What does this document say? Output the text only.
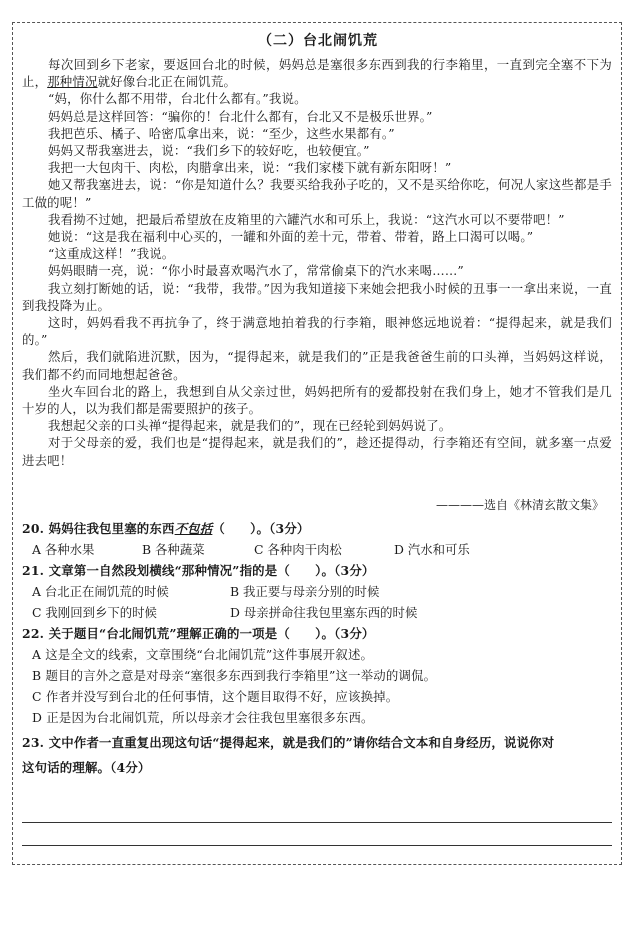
（二）台北闹饥荒

每次回到乡下老家，要返回台北的时候，妈妈总是塞很多东西到我的行李箱里，一直到完全塞不下为止，那种情况就好像台北正在闹饥荒。

“妈，你什么都不用带，台北什么都有。”我说。

妈妈总是这样回答：“骗你的！台北什么都有，台北又不是极乐世界。”

我把芭乐、橘子、哈密瓜拿出来，说：“至少，这些水果都有。”

妈妈又帮我塞进去，说：“我们乡下的较好吃，也较便宜。”

我把一大包肉干、肉松，肉腊拿出来，说：“我们家楼下就有新东阳呀！”

她又帮我塞进去，说：“你是知道什么？我要买给我孙子吃的，又不是买给你吃，何况人家这些都是手工做的呢！”

我看拗不过她，把最后希望放在皮箱里的六罐汽水和可乐上，我说：“这汽水可以不要带吧！”

她说：“这是我在福利中心买的，一罐和外面的差十元，带着、带着，路上口渴可以喝。”

“这重成这样！”我说。

妈妈眼睛一亮，说：“你小时最喜欢喝汽水了，常常偷桌下的汽水来喝……”

我立刻打断她的话，说：“我带，我带。”因为我知道接下来她会把我小时候的丑事一一拿出来说，一直到我投降为止。

这时，妈妈看我不再抗争了，终于满意地拍着我的行李箱，眼神悠远地说着：“提得起来，就是我们的。”

然后，我们就陷进沉默，因为，“提得起来，就是我们的”正是我爸爸生前的口头禅，当妈妈这样说，我们都不约而同地想起爸爸。

坐火车回台北的路上，我想到自从父亲过世，妈妈把所有的爱都投射在我们身上，她才不管我们是几十岁的人，以为我们都是需要照护的孩子。

我想起父亲的口头禅“提得起来，就是我们的”，现在已经轮到妈妈说了。

对于父母亲的爱，我们也是“提得起来，就是我们的”，趁还提得动，行李箱还有空间，就多塞一点爱进去吧！

————选自《林清玄散文集》

20. 妈妈往我包里塞的东西不包括（　　）。（3分）

A 各种水果	B 各种蔬菜	C 各种肉干肉松	D 汽水和可乐

21. 文章第一自然段划横线“那种情况”指的是（　　）。（3分）

A 台北正在闹饥荒的时候	B 我正要与母亲分别的时候
C 我刚回到乡下的时候	D 母亲拼命往我包里塞东西的时候

22. 关于题目“台北闹饥荒”理解正确的一项是（　　）。（3分）

A 这是全文的线索，文章围绕“台北闹饥荒”这件事展开叙述。

B 题目的言外之意是对母亲“塞很多东西到我行李箱里”这一举动的调侃。

C 作者并没写到台北的任何事情，这个题目取得不好，应该换掉。

D 正是因为台北闹饥荒，所以母亲才会往我包里塞很多东西。

23. 文中作者一直重复出现这句话“提得起来，就是我们的”请你结合文本和自身经历，说说你对

这句话的理解。（4分）
